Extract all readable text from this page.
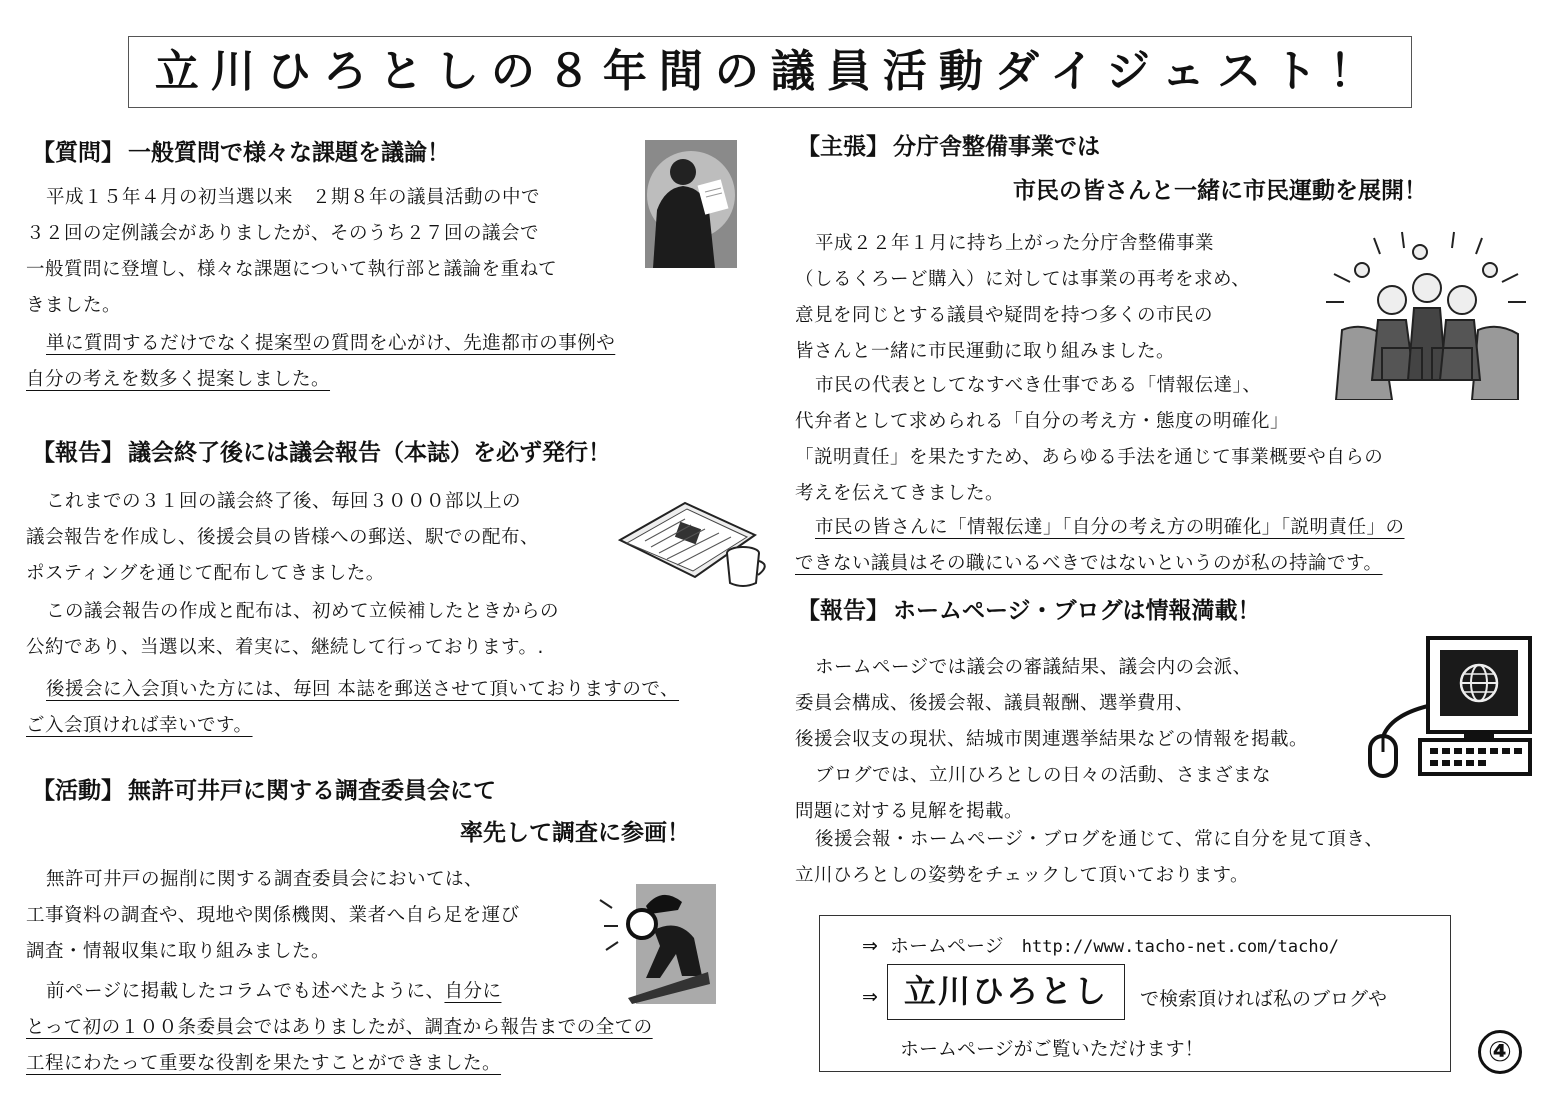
立川ひろとしの８年間の議員活動ダイジェスト！
【質問】 一般質問で様々な課題を議論！
平成１５年４月の初当選以来　２期８年の議員活動の中で
３２回の定例議会がありましたが、そのうち２７回の議会で
一般質問に登壇し、様々な課題について執行部と議論を重ねて
きました。
単に質問するだけでなく提案型の質問を心がけ、先進都市の事例や
自分の考えを数多く提案しました。
【報告】 議会終了後には議会報告（本誌）を必ず発行！
これまでの３１回の議会終了後、毎回３０００部以上の
議会報告を作成し、後援会員の皆様への郵送、駅での配布、
ポスティングを通じて配布してきました。
この議会報告の作成と配布は、初めて立候補したときからの
公約であり、当選以来、着実に、継続して行っております。.
後援会に入会頂いた方には、毎回 本誌を郵送させて頂いておりますので、
ご入会頂ければ幸いです。
【活動】 無許可井戸に関する調査委員会にて
率先して調査に参画！
無許可井戸の掘削に関する調査委員会においては、
工事資料の調査や、現地や関係機関、業者へ自ら足を運び
調査・情報収集に取り組みました。
前ページに掲載したコラムでも述べたように、自分に
とって初の１００条委員会ではありましたが、調査から報告までの全ての
工程にわたって重要な役割を果たすことができました。
【主張】 分庁舎整備事業では
市民の皆さんと一緒に市民運動を展開！
平成２２年１月に持ち上がった分庁舎整備事業
（しるくろーど購入）に対しては事業の再考を求め、
意見を同じとする議員や疑問を持つ多くの市民の
皆さんと一緒に市民運動に取り組みました。
市民の代表としてなすべき仕事である「情報伝達」、
代弁者として求められる「自分の考え方・態度の明確化」
「説明責任」を果たすため、あらゆる手法を通じて事業概要や自らの
考えを伝えてきました。
市民の皆さんに「情報伝達」「自分の考え方の明確化」「説明責任」の
できない議員はその職にいるべきではないというのが私の持論です。
【報告】 ホームページ・ブログは情報満載！
ホームページでは議会の審議結果、議会内の会派、
委員会構成、後援会報、議員報酬、選挙費用、
後援会収支の現状、結城市関連選挙結果などの情報を掲載。
ブログでは、立川ひろとしの日々の活動、さまざまな
問題に対する見解を掲載。
後援会報・ホームページ・ブログを通じて、常に自分を見て頂き、
立川ひろとしの姿勢をチェックして頂いております。
⇒ ホームページ http://www.tacho-net.com/tacho/
⇒ 立川ひろとし	で検索頂ければ私のブログや
ホームページがご覧いただけます！	④
